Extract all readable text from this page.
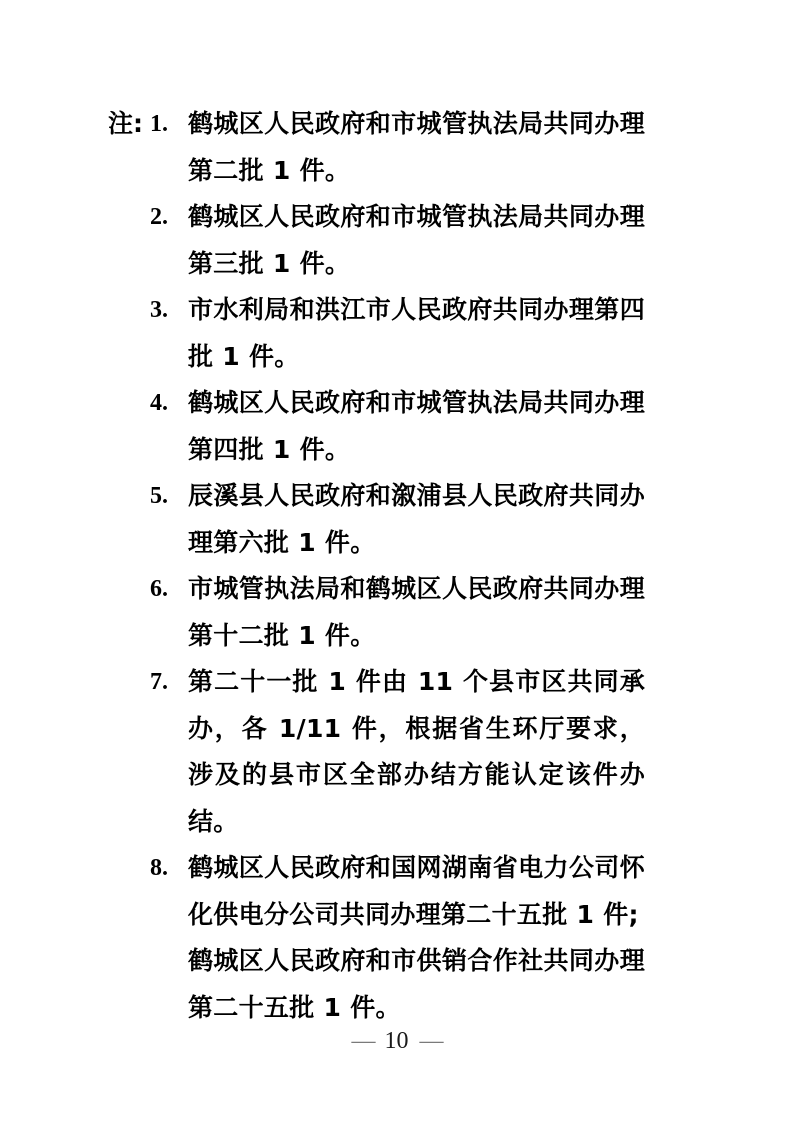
注: 1. 鹤城区人民政府和市城管执法局共同办理第二批 1 件。
2. 鹤城区人民政府和市城管执法局共同办理第三批 1 件。
3. 市水利局和洪江市人民政府共同办理第四批 1 件。
4. 鹤城区人民政府和市城管执法局共同办理第四批 1 件。
5. 辰溪县人民政府和溆浦县人民政府共同办理第六批 1 件。
6. 市城管执法局和鹤城区人民政府共同办理第十二批 1 件。
7. 第二十一批 1 件由 11 个县市区共同承办，各 1/11 件，根据省生环厅要求，涉及的县市区全部办结方能认定该件办结。
8. 鹤城区人民政府和国网湖南省电力公司怀化供电分公司共同办理第二十五批 1 件;
鹤城区人民政府和市供销合作社共同办理第二十五批 1 件。
— 10 —
